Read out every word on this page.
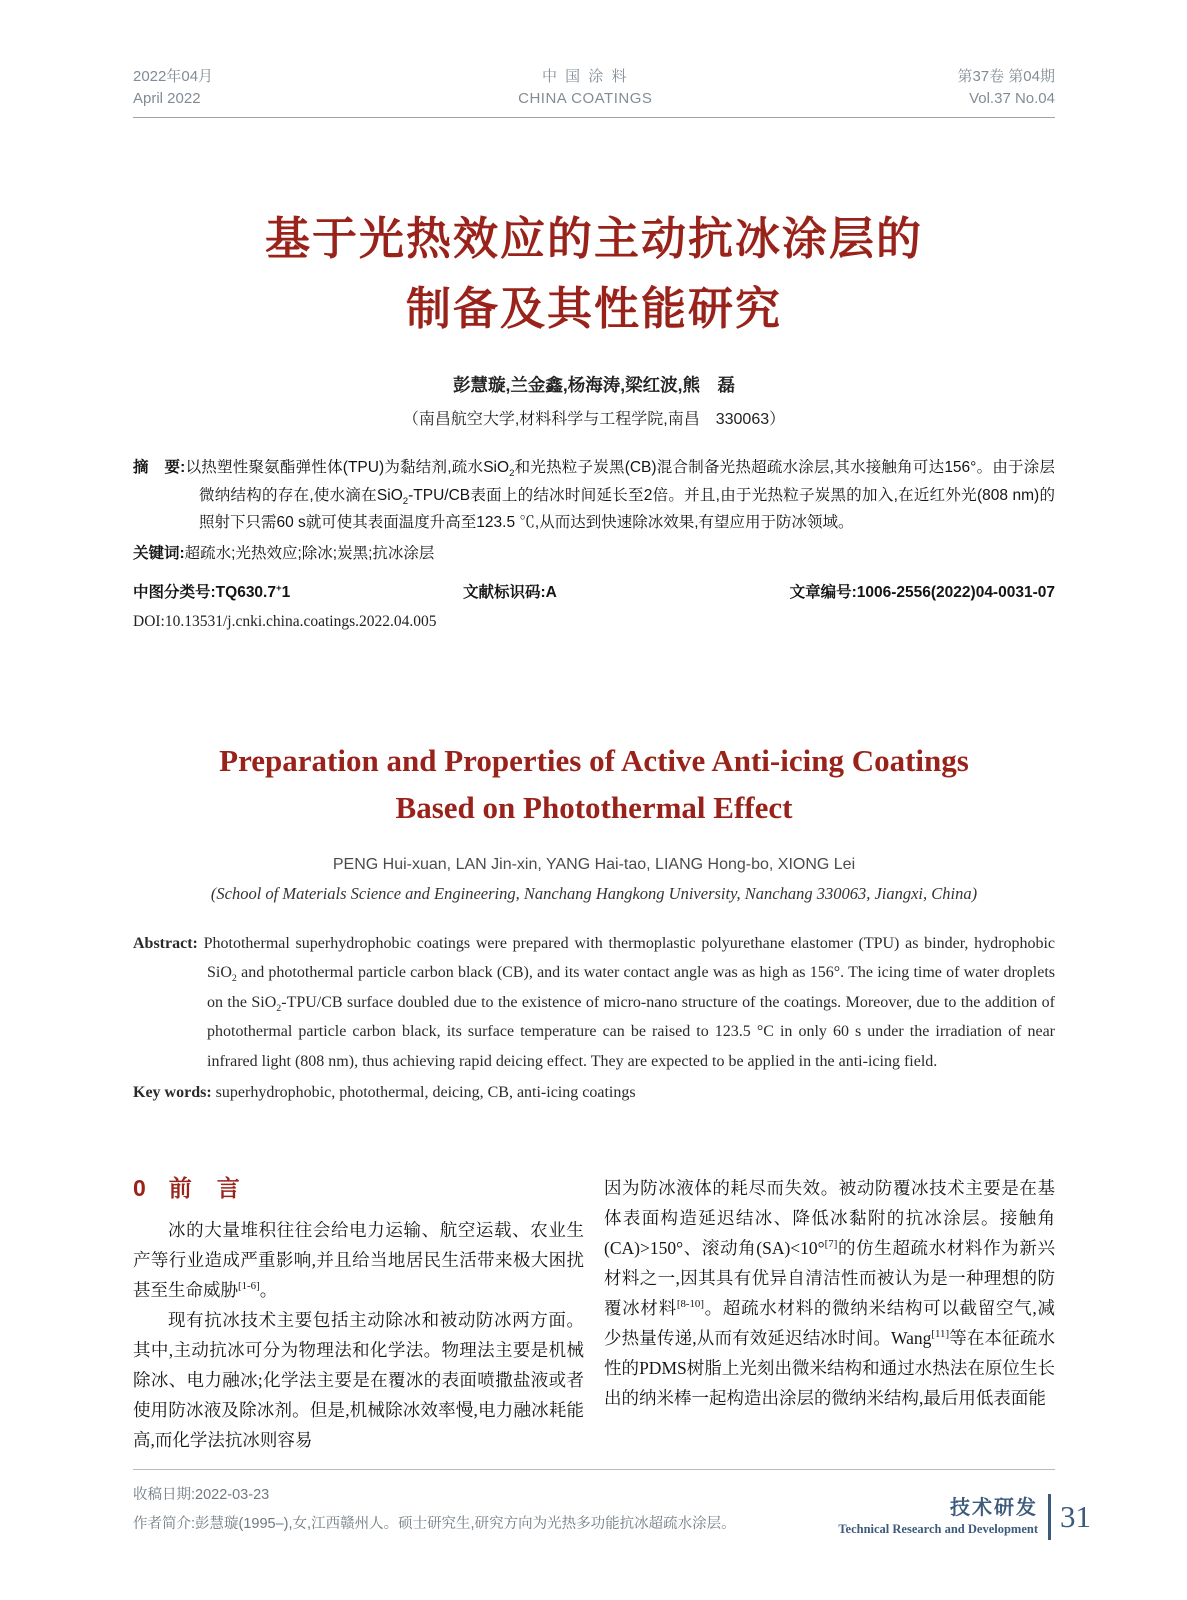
2022年04月
April 2022
中 国 涂 料
CHINA COATINGS
第37卷 第04期
Vol.37 No.04
基于光热效应的主动抗冰涂层的
制备及其性能研究
彭慧璇,兰金鑫,杨海涛,梁红波,熊　磊
（南昌航空大学,材料科学与工程学院,南昌　330063）
摘　要:以热塑性聚氨酯弹性体(TPU)为黏结剂,疏水SiO$_2$和光热粒子炭黑(CB)混合制备光热超疏水涂层,其水接触角可达156°。由于涂层微纳结构的存在,使水滴在SiO$_2$-TPU/CB表面上的结冰时间延长至2倍。并且,由于光热粒子炭黑的加入,在近红外光(808 nm)的照射下只需60 s就可使其表面温度升高至123.5 ℃,从而达到快速除冰效果,有望应用于防冰领域。
关键词:超疏水;光热效应;除冰;炭黑;抗冰涂层
中图分类号:TQ630.7+1	文献标识码:A	文章编号:1006-2556(2022)04-0031-07
DOI:10.13531/j.cnki.china.coatings.2022.04.005
Preparation and Properties of Active Anti-icing Coatings
Based on Photothermal Effect
PENG Hui-xuan, LAN Jin-xin, YANG Hai-tao, LIANG Hong-bo, XIONG Lei
(School of Materials Science and Engineering, Nanchang Hangkong University, Nanchang 330063, Jiangxi, China)
Abstract: Photothermal superhydrophobic coatings were prepared with thermoplastic polyurethane elastomer (TPU) as binder, hydrophobic SiO$_2$ and photothermal particle carbon black (CB), and its water contact angle was as high as 156°. The icing time of water droplets on the SiO$_2$-TPU/CB surface doubled due to the existence of micro-nano structure of the coatings. Moreover, due to the addition of photothermal particle carbon black, its surface temperature can be raised to 123.5 °C in only 60 s under the irradiation of near infrared light (808 nm), thus achieving rapid deicing effect. They are expected to be applied in the anti-icing field.
Key words: superhydrophobic, photothermal, deicing, CB, anti-icing coatings
0 前　言

冰的大量堆积往往会给电力运输、航空运载、农业生产等行业造成严重影响,并且给当地居民生活带来极大困扰甚至生命威胁[1-6]。

现有抗冰技术主要包括主动除冰和被动防冰两方面。其中,主动抗冰可分为物理法和化学法。物理法主要是机械除冰、电力融冰;化学法主要是在覆冰的表面喷撒盐液或者使用防冰液及除冰剂。但是,机械除冰效率慢,电力融冰耗能高,而化学法抗冰则容易

因为防冰液体的耗尽而失效。被动防覆冰技术主要是在基体表面构造延迟结冰、降低冰黏附的抗冰涂层。接触角(CA)>150°、滚动角(SA)<10°[7]的仿生超疏水材料作为新兴材料之一,因其具有优异自清洁性而被认为是一种理想的防覆冰材料[8-10]。超疏水材料的微纳米结构可以截留空气,减少热量传递,从而有效延迟结冰时间。Wang[11]等在本征疏水性的PDMS树脂上光刻出微米结构和通过水热法在原位生长出的纳米棒一起构造出涂层的微纳米结构,最后用低表面能

收稿日期:2022-03-23
作者简介:彭慧璇(1995–),女,江西赣州人。硕士研究生,研究方向为光热多功能抗冰超疏水涂层。
技术研发
Technical Research and Development 31
